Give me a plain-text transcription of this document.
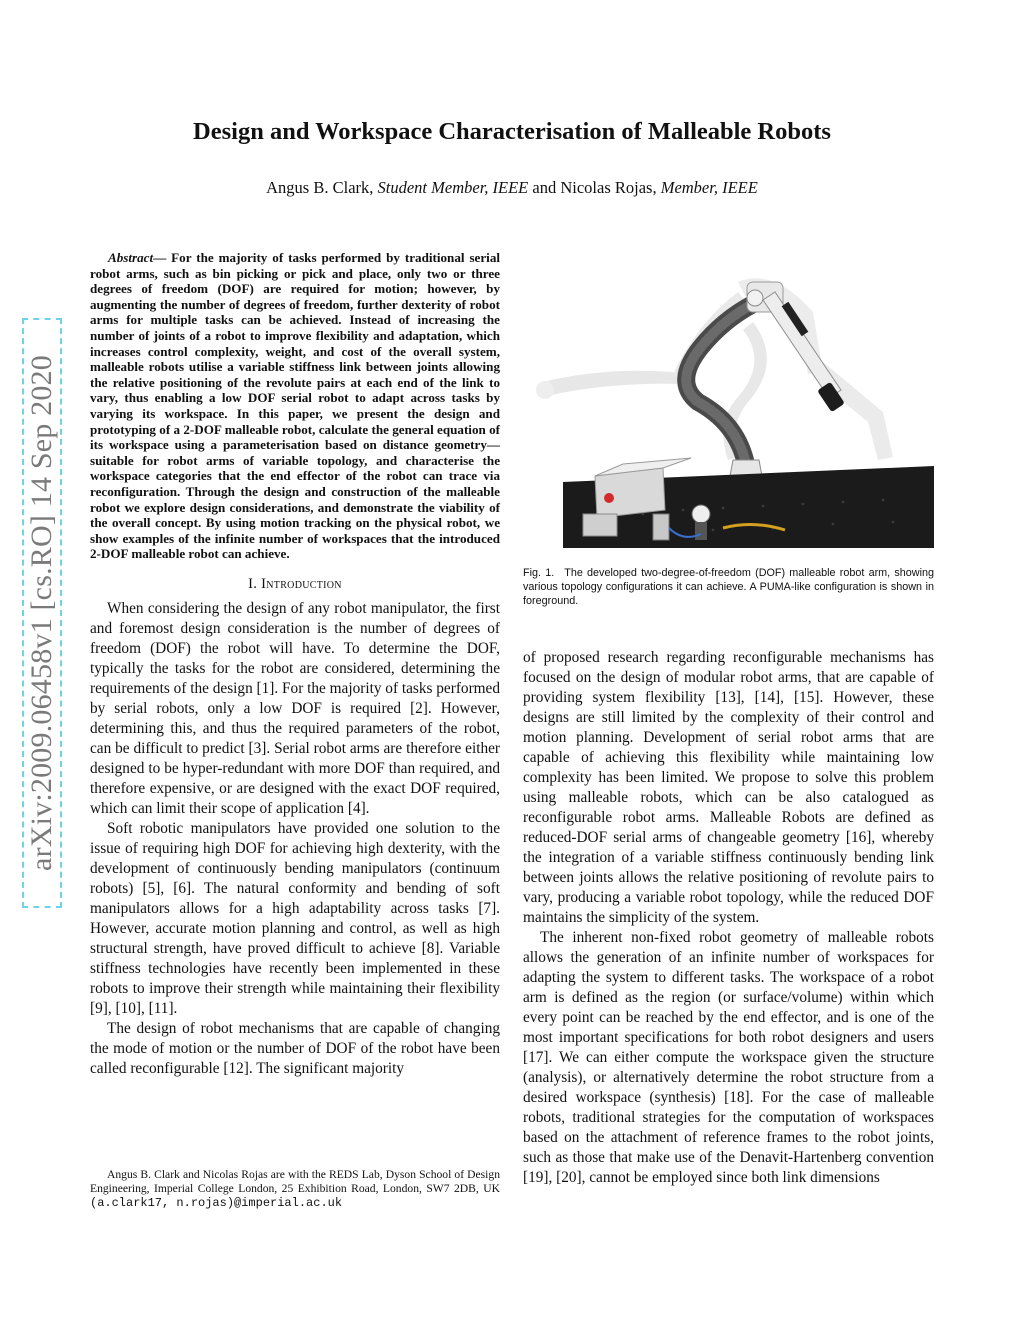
arXiv:2009.06458v1 [cs.RO] 14 Sep 2020
Design and Workspace Characterisation of Malleable Robots
Angus B. Clark, Student Member, IEEE and Nicolas Rojas, Member, IEEE

Abstract— For the majority of tasks performed by traditional serial robot arms, such as bin picking or pick and place, only two or three degrees of freedom (DOF) are required for motion; however, by augmenting the number of degrees of freedom, further dexterity of robot arms for multiple tasks can be achieved. Instead of increasing the number of joints of a robot to improve flexibility and adaptation, which increases control complexity, weight, and cost of the overall system, malleable robots utilise a variable stiffness link between joints allowing the relative positioning of the revolute pairs at each end of the link to vary, thus enabling a low DOF serial robot to adapt across tasks by varying its workspace. In this paper, we present the design and prototyping of a 2-DOF malleable robot, calculate the general equation of its workspace using a parameterisation based on distance geometry—suitable for robot arms of variable topology, and characterise the workspace categories that the end effector of the robot can trace via reconfiguration. Through the design and construction of the malleable robot we explore design considerations, and demonstrate the viability of the overall concept. By using motion tracking on the physical robot, we show examples of the infinite number of workspaces that the introduced 2-DOF malleable robot can achieve.

I. Introduction

When considering the design of any robot manipulator, the first and foremost design consideration is the number of degrees of freedom (DOF) the robot will have. To determine the DOF, typically the tasks for the robot are considered, determining the requirements of the design [1]. For the majority of tasks performed by serial robots, only a low DOF is required [2]. However, determining this, and thus the required parameters of the robot, can be difficult to predict [3]. Serial robot arms are therefore either designed to be hyper-redundant with more DOF than required, and therefore expensive, or are designed with the exact DOF required, which can limit their scope of application [4].

Soft robotic manipulators have provided one solution to the issue of requiring high DOF for achieving high dexterity, with the development of continuously bending manipulators (continuum robots) [5], [6]. The natural conformity and bending of soft manipulators allows for a high adaptability across tasks [7]. However, accurate motion planning and control, as well as high structural strength, have proved difficult to achieve [8]. Variable stiffness technologies have recently been implemented in these robots to improve their strength while maintaining their flexibility [9], [10], [11].

The design of robot mechanisms that are capable of changing the mode of motion or the number of DOF of the robot have been called reconfigurable [12]. The significant majority

Angus B. Clark and Nicolas Rojas are with the REDS Lab, Dyson School of Design Engineering, Imperial College London, 25 Exhibition Road, London, SW7 2DB, UK (a.clark17, n.rojas)@imperial.ac.uk
Fig. 1. The developed two-degree-of-freedom (DOF) malleable robot arm, showing various topology configurations it can achieve. A PUMA-like configuration is shown in foreground.

of proposed research regarding reconfigurable mechanisms has focused on the design of modular robot arms, that are capable of providing system flexibility [13], [14], [15]. However, these designs are still limited by the complexity of their control and motion planning. Development of serial robot arms that are capable of achieving this flexibility while maintaining low complexity has been limited. We propose to solve this problem using malleable robots, which can be also catalogued as reconfigurable robot arms. Malleable Robots are defined as reduced-DOF serial arms of changeable geometry [16], whereby the integration of a variable stiffness continuously bending link between joints allows the relative positioning of revolute pairs to vary, producing a variable robot topology, while the reduced DOF maintains the simplicity of the system.

The inherent non-fixed robot geometry of malleable robots allows the generation of an infinite number of workspaces for adapting the system to different tasks. The workspace of a robot arm is defined as the region (or surface/volume) within which every point can be reached by the end effector, and is one of the most important specifications for both robot designers and users [17]. We can either compute the workspace given the structure (analysis), or alternatively determine the robot structure from a desired workspace (synthesis) [18]. For the case of malleable robots, traditional strategies for the computation of workspaces based on the attachment of reference frames to the robot joints, such as those that make use of the Denavit-Hartenberg convention [19], [20], cannot be employed since both link dimensions
